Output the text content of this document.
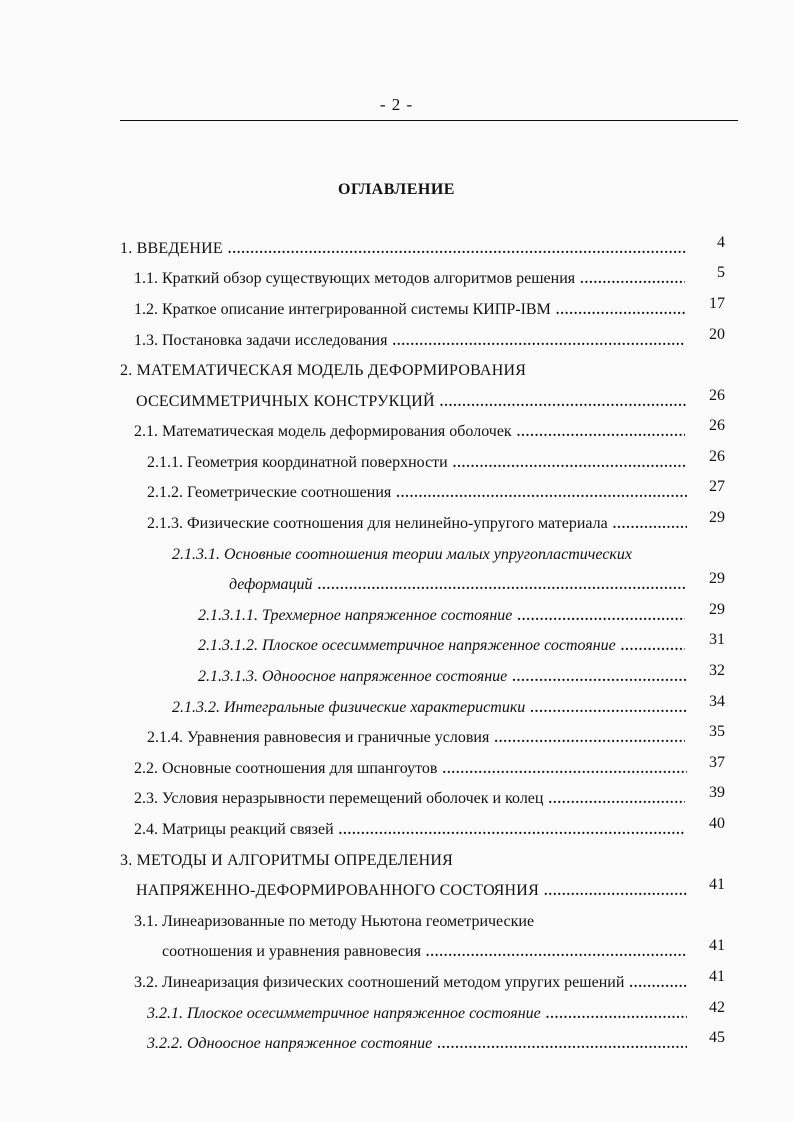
- 2 -
ОГЛАВЛЕНИЕ
1. ВВЕДЕНИЕ .....	4
1.1. Краткий обзор существующих методов алгоритмов решения .....	5
1.2. Краткое описание интегрированной системы КИПР-IBM .....	17
1.3. Постановка задачи исследования .....	20
2. МАТЕМАТИЧЕСКАЯ МОДЕЛЬ ДЕФОРМИРОВАНИЯ
ОСЕСИММЕТРИЧНЫХ КОНСТРУКЦИЙ .....	26
2.1. Математическая модель деформирования оболочек .....	26
2.1.1. Геометрия координатной поверхности .....	26
2.1.2. Геометрические соотношения .....	27
2.1.3. Физические соотношения для нелинейно-упругого материала .....	29
2.1.3.1. Основные соотношения теории малых упругопластических
деформаций .....	29
2.1.3.1.1. Трехмерное напряженное состояние .....	29
2.1.3.1.2. Плоское осесимметричное напряженное состояние .....	31
2.1.3.1.3. Одноосное напряженное состояние .....	32
2.1.3.2. Интегральные физические характеристики .....	34
2.1.4. Уравнения равновесия и граничные условия .....	35
2.2. Основные соотношения для шпангоутов .....	37
2.3. Условия неразрывности перемещений оболочек и колец .....	39
2.4. Матрицы реакций связей .....	40
3. МЕТОДЫ И АЛГОРИТМЫ ОПРЕДЕЛЕНИЯ
НАПРЯЖЕННО-ДЕФОРМИРОВАННОГО СОСТОЯНИЯ .....	41
3.1. Линеаризованные по методу Ньютона геометрические
соотношения и уравнения равновесия .....	41
3.2. Линеаризация физических соотношений методом упругих решений .....	41
3.2.1. Плоское осесимметричное напряженное состояние .....	42
3.2.2. Одноосное напряженное состояние .....	45
